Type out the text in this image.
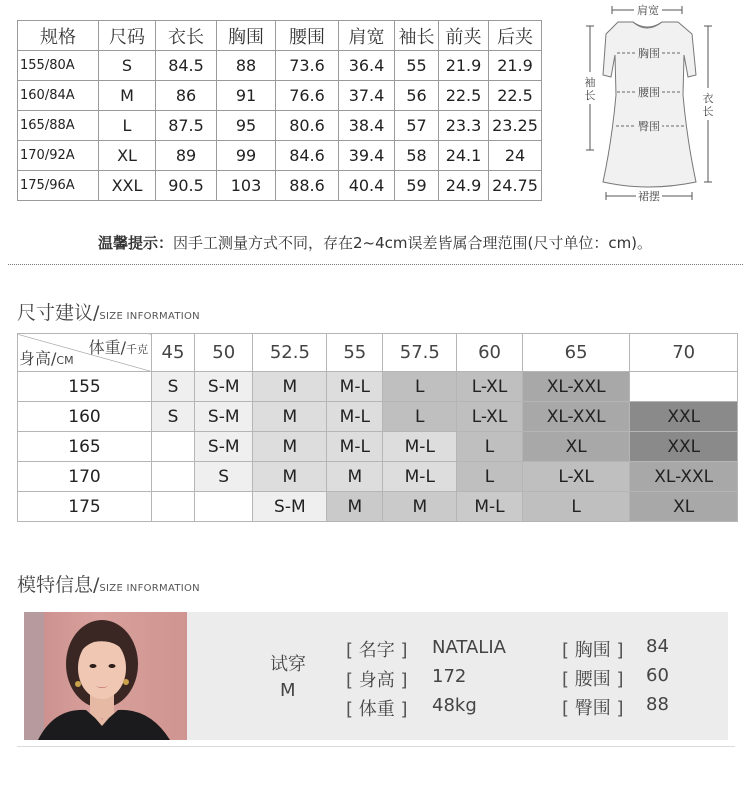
规格	尺码	衣长	胸围	腰围	肩宽	袖长	前夹	后夹
155/80A	S	84.5	88	73.6	36.4	55	21.9	21.9
160/84A	M	86	91	76.6	37.4	56	22.5	22.5
165/88A	L	87.5	95	80.6	38.4	57	23.3	23.25
170/92A	XL	89	99	84.6	39.4	58	24.1	24
175/96A	XXL	90.5	103	88.6	40.4	59	24.9	24.75
肩宽
胸围
腰围
臀围
裙摆
袖长	衣长
温馨提示：因手工测量方式不同，存在2~4cm误差皆属合理范围(尺寸单位：cm)。
尺寸建议/SIZE INFORMATION
体重/千克
身高/CM	45	50	52.5	55	57.5	60	65	70
155	S	S-M	M	M-L	L	L-XL	XL-XXL	
160	S	S-M	M	M-L	L	L-XL	XL-XXL	XXL
165		S-M	M	M-L	M-L	L	XL	XXL
170		S	M	M	M-L	L	L-XL	XL-XXL
175			S-M	M	M	M-L	L	XL
模特信息/SIZE INFORMATION
试穿
M
[ 名字 ] NATALIA
[ 身高 ] 172
[ 体重 ] 48kg
[ 胸围 ] 84
[ 腰围 ] 60
[ 臀围 ] 88
